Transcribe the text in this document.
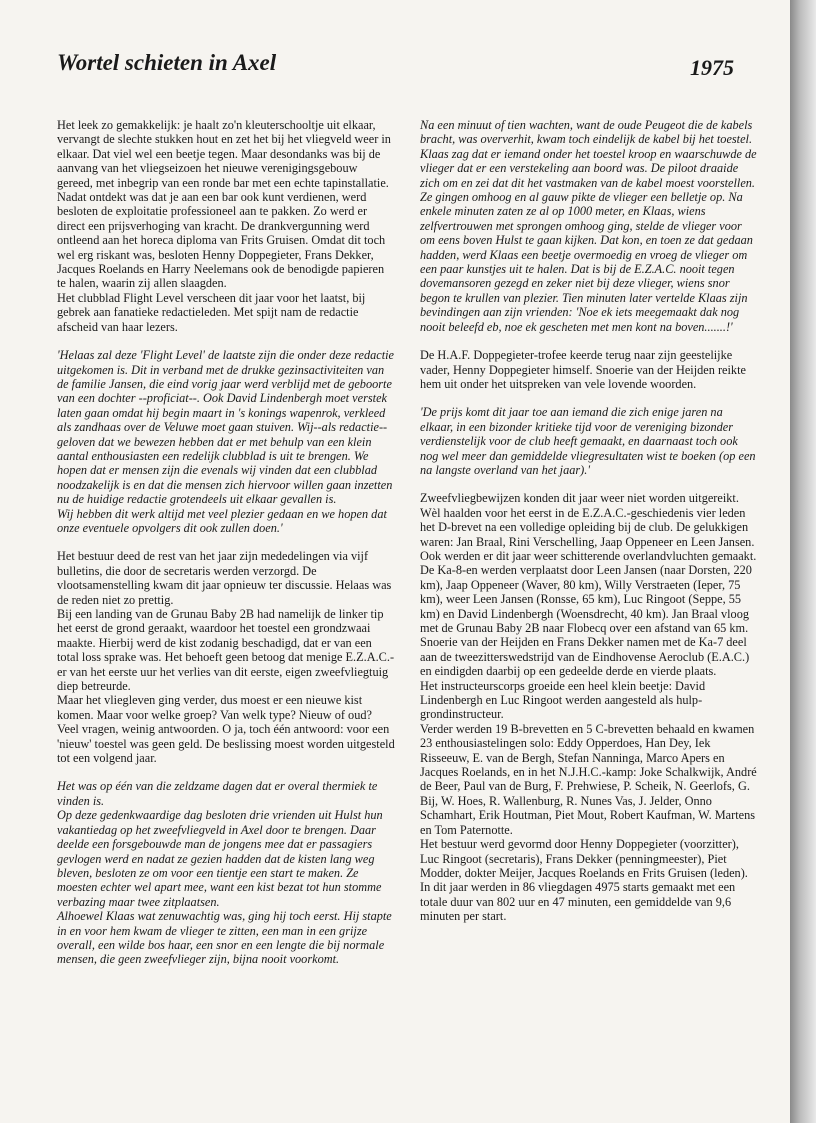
Wortel schieten in Axel	1975

Het leek zo gemakkelijk: je haalt zo'n kleuterschooltje uit elkaar, vervangt de slechte stukken hout en zet het bij het vliegveld weer in elkaar. Dat viel wel een beetje tegen. Maar desondanks was bij de aanvang van het vliegseizoen het nieuwe verenigingsgebouw gereed, met inbegrip van een ronde bar met een echte tapinstallatie.

Nadat ontdekt was dat je aan een bar ook kunt verdienen, werd besloten de exploitatie professioneel aan te pakken. Zo werd er direct een prijsverhoging van kracht. De drankvergunning werd ontleend aan het horeca diploma van Frits Gruisen. Omdat dit toch wel erg riskant was, besloten Henny Doppegieter, Frans Dekker, Jacques Roelands en Harry Neelemans ook de benodigde papieren te halen, waarin zij allen slaagden.

Het clubblad Flight Level verscheen dit jaar voor het laatst, bij gebrek aan fanatieke redactieleden. Met spijt nam de redactie afscheid van haar lezers.

'Helaas zal deze 'Flight Level' de laatste zijn die onder deze redactie uitgekomen is. Dit in verband met de drukke gezinsactiviteiten van de familie Jansen, die eind vorig jaar werd verblijd met de geboorte van een dochter --proficiat--. Ook David Lindenbergh moet verstek laten gaan omdat hij begin maart in 's konings wapenrok, verkleed als zandhaas over de Veluwe moet gaan stuiven. Wij--als redactie--geloven dat we bewezen hebben dat er met behulp van een klein aantal enthousiasten een redelijk clubblad is uit te brengen. We hopen dat er mensen zijn die evenals wij vinden dat een clubblad noodzakelijk is en dat die mensen zich hiervoor willen gaan inzetten nu de huidige redactie grotendeels uit elkaar gevallen is.

Wij hebben dit werk altijd met veel plezier gedaan en we hopen dat onze eventuele opvolgers dit ook zullen doen.'

Het bestuur deed de rest van het jaar zijn mededelingen via vijf bulletins, die door de secretaris werden verzorgd. De vlootsamenstelling kwam dit jaar opnieuw ter discussie. Helaas was de reden niet zo prettig.

Bij een landing van de Grunau Baby 2B had namelijk de linker tip het eerst de grond geraakt, waardoor het toestel een grondzwaai maakte. Hierbij werd de kist zodanig beschadigd, dat er van een total loss sprake was. Het behoeft geen betoog dat menige E.Z.A.C.-er van het eerste uur het verlies van dit eerste, eigen zweefvliegtuig diep betreurde.

Maar het vliegleven ging verder, dus moest er een nieuwe kist komen. Maar voor welke groep? Van welk type? Nieuw of oud? Veel vragen, weinig antwoorden. O ja, toch één antwoord: voor een 'nieuw' toestel was geen geld. De beslissing moest worden uitgesteld tot een volgend jaar.

Het was op één van die zeldzame dagen dat er overal thermiek te vinden is.

Op deze gedenkwaardige dag besloten drie vrienden uit Hulst hun vakantiedag op het zweefvliegveld in Axel door te brengen. Daar deelde een forsgebouwde man de jongens mee dat er passagiers gevlogen werd en nadat ze gezien hadden dat de kisten lang weg bleven, besloten ze om voor een tientje een start te maken. Ze moesten echter wel apart mee, want een kist bezat tot hun stomme verbazing maar twee zitplaatsen.

Alhoewel Klaas wat zenuwachtig was, ging hij toch eerst. Hij stapte in en voor hem kwam de vlieger te zitten, een man in een grijze overall, een wilde bos haar, een snor en een lengte die bij normale mensen, die geen zweefvlieger zijn, bijna nooit voorkomt.

Na een minuut of tien wachten, want de oude Peugeot die de kabels bracht, was oververhit, kwam toch eindelijk de kabel bij het toestel. Klaas zag dat er iemand onder het toestel kroop en waarschuwde de vlieger dat er een verstekeling aan boord was. De piloot draaide zich om en zei dat dit het vastmaken van de kabel moest voorstellen. Ze gingen omhoog en al gauw pikte de vlieger een belletje op. Na enkele minuten zaten ze al op 1000 meter, en Klaas, wiens zelfvertrouwen met sprongen omhoog ging, stelde de vlieger voor om eens boven Hulst te gaan kijken. Dat kon, en toen ze dat gedaan hadden, werd Klaas een beetje overmoedig en vroeg de vlieger om een paar kunstjes uit te halen. Dat is bij de E.Z.A.C. nooit tegen dovemansoren gezegd en zeker niet bij deze vlieger, wiens snor begon te krullen van plezier. Tien minuten later vertelde Klaas zijn bevindingen aan zijn vrienden: 'Noe ek iets meegemaakt dak nog nooit beleefd eb, noe ek gescheten met men kont na boven.......!'

De H.A.F. Doppegieter-trofee keerde terug naar zijn geestelijke vader, Henny Doppegieter himself. Snoerie van der Heijden reikte hem uit onder het uitspreken van vele lovende woorden.

'De prijs komt dit jaar toe aan iemand die zich enige jaren na elkaar, in een bizonder kritieke tijd voor de vereniging bizonder verdienstelijk voor de club heeft gemaakt, en daarnaast toch ook nog wel meer dan gemiddelde vliegresultaten wist te boeken (op een na langste overland van het jaar).'

Zweefvliegbewijzen konden dit jaar weer niet worden uitgereikt. Wèl haalden voor het eerst in de E.Z.A.C.-geschiedenis vier leden het D-brevet na een volledige opleiding bij de club. De gelukkigen waren: Jan Braal, Rini Verschelling, Jaap Oppeneer en Leen Jansen.

Ook werden er dit jaar weer schitterende overlandvluchten gemaakt. De Ka-8-en werden verplaatst door Leen Jansen (naar Dorsten, 220 km), Jaap Oppeneer (Waver, 80 km), Willy Verstraeten (Ieper, 75 km), weer Leen Jansen (Ronsse, 65 km), Luc Ringoot (Seppe, 55 km) en David Lindenbergh (Woensdrecht, 40 km). Jan Braal vloog met de Grunau Baby 2B naar Flobecq over een afstand van 65 km.

Snoerie van der Heijden en Frans Dekker namen met de Ka-7 deel aan de tweezitterswedstrijd van de Eindhovense Aeroclub (E.A.C.) en eindigden daarbij op een gedeelde derde en vierde plaats.

Het instructeurscorps groeide een heel klein beetje: David Lindenbergh en Luc Ringoot werden aangesteld als hulp-grondinstructeur.

Verder werden 19 B-brevetten en 5 C-brevetten behaald en kwamen 23 enthousiastelingen solo: Eddy Opperdoes, Han Dey, Iek Risseeuw, E. van de Bergh, Stefan Nanninga, Marco Apers en Jacques Roelands, en in het N.J.H.C.-kamp: Joke Schalkwijk, André de Beer, Paul van de Burg, F. Prehwiese, P. Scheik, N. Geerlofs, G. Bij, W. Hoes, R. Wallenburg, R. Nunes Vas, J. Jelder, Onno Schamhart, Erik Houtman, Piet Mout, Robert Kaufman, W. Martens en Tom Paternotte.

Het bestuur werd gevormd door Henny Doppegieter (voorzitter), Luc Ringoot (secretaris), Frans Dekker (penningmeester), Piet Modder, dokter Meijer, Jacques Roelands en Frits Gruisen (leden).

In dit jaar werden in 86 vliegdagen 4975 starts gemaakt met een totale duur van 802 uur en 47 minuten, een gemiddelde van 9,6 minuten per start.
